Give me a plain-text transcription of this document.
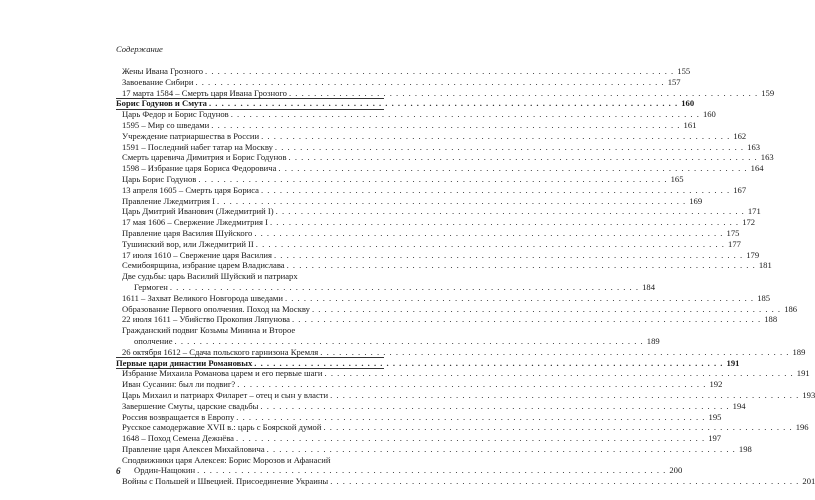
Содержание
Жены Ивана Грозного . . .	155
Завоевание Сибири . . .	157
17 марта 1584 – Смерть царя Ивана Грозного . . .	159
Борис Годунов и Смута . . .	160
Царь Федор и Борис Годунов . . .	160
1595 – Мир со шведами . . .	161
Учреждение патриаршества в России . . .	162
1591 – Последний набег татар на Москву . . .	163
Смерть царевича Димитрия и Борис Годунов . . .	163
1598 – Избрание царя Бориса Федоровича . . .	164
Царь Борис Годунов . . .	165
13 апреля 1605 – Смерть царя Бориса . . .	167
Правление Лжедмитрия I . . .	169
Царь Дмитрий Иванович (Лжедмитрий I) . . .	171
17 мая 1606 – Свержение Лжедмитрия I . . .	172
Правление царя Василия Шуйского . . .	175
Тушинский вор, или Лжедмитрий II . . .	177
17 июля 1610 – Свержение царя Василия . . .	179
Семибоярщина, избрание царем Владислава . . .	181
Две судьбы: царь Василий Шуйский и патриарх
Гермоген . . .	184
1611 – Захват Великого Новгорода шведами . . .	185
Образование Первого ополчения. Поход на Москву . . .	186
22 июля 1611 – Убийство Прокопия Ляпунова . . .	188
Гражданский подвиг Козьмы Минина и Второе
ополчение . . .	189
26 октября 1612 – Сдача польского гарнизона Кремля . . .	189
Первые цари династии Романовых . . .	191
Избрание Михаила Романова царем и его первые шаги . . .	191
Иван Сусанин: был ли подвиг? . . .	192
Царь Михаил и патриарх Филарет – отец и сын у власти . . .	193
Завершение Смуты, царские свадьбы . . .	194
Россия возвращается в Европу . . .	195
Русское самодержавие XVII в.: царь с Боярской думой . . .	196
1648 – Поход Семена Дежнёва . . .	197
Правление царя Алексея Михайловича . . .	198
Сподвижники царя Алексея: Борис Морозов и Афанасий
Ордин-Нащокин . . .	200
Войны с Польшей и Швецией. Присоединение Украины . . .	201
6
